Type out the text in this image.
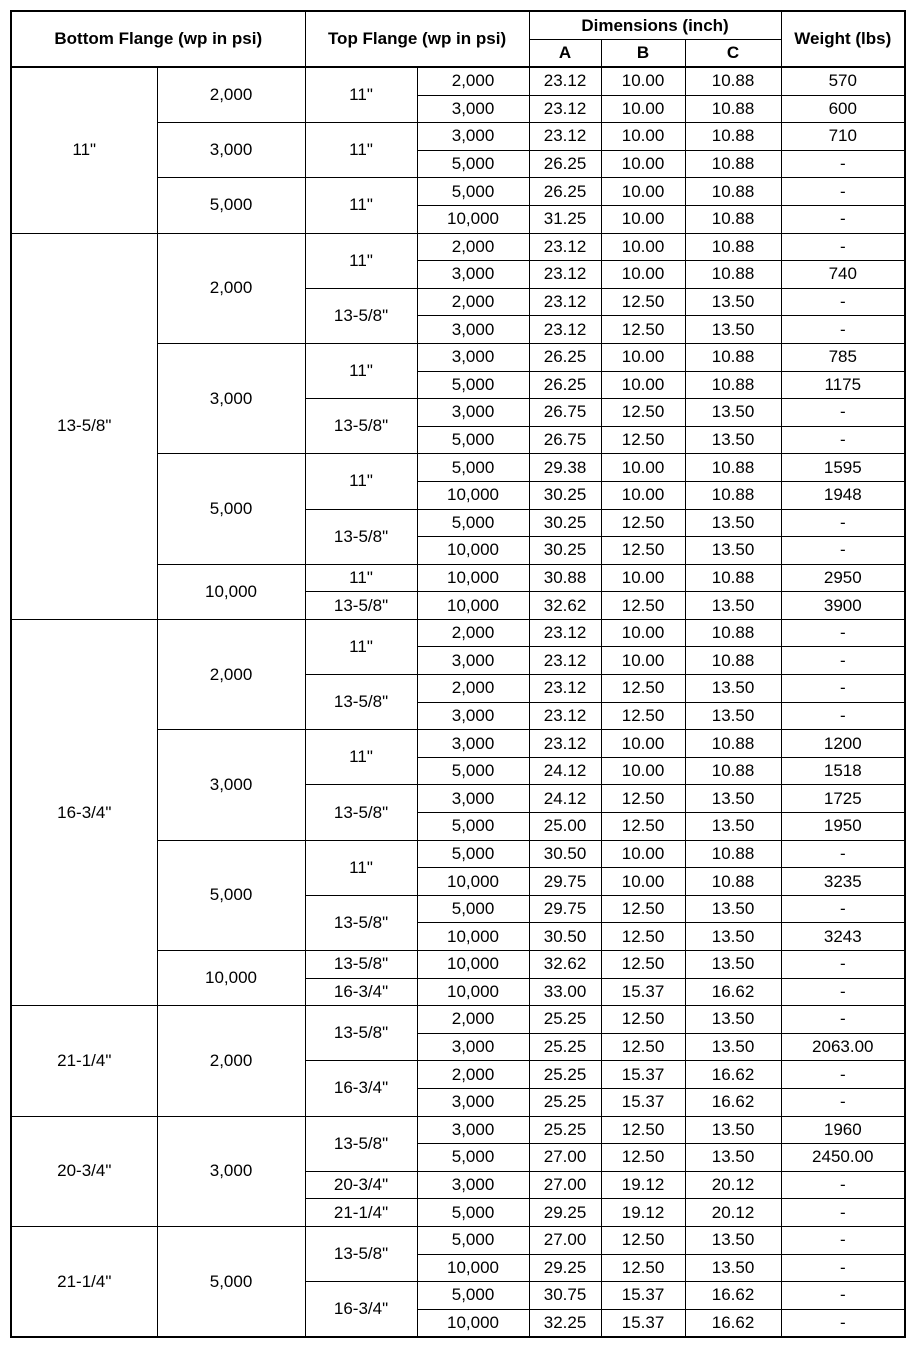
Bottom Flange (wp in psi)		Top Flange (wp in psi)		Dimensions (inch)			Weight (lbs)
				A	B	C	
11"	2,000	11"	2,000	23.12	10.00	10.88	570
			3,000	23.12	10.00	10.88	600
	3,000	11"	3,000	23.12	10.00	10.88	710
			5,000	26.25	10.00	10.88	-
	5,000	11"	5,000	26.25	10.00	10.88	-
			10,000	31.25	10.00	10.88	-
13-5/8"	2,000	11"	2,000	23.12	10.00	10.88	-
			3,000	23.12	10.00	10.88	740
		13-5/8"	2,000	23.12	12.50	13.50	-
			3,000	23.12	12.50	13.50	-
	3,000	11"	3,000	26.25	10.00	10.88	785
			5,000	26.25	10.00	10.88	1175
		13-5/8"	3,000	26.75	12.50	13.50	-
			5,000	26.75	12.50	13.50	-
	5,000	11"	5,000	29.38	10.00	10.88	1595
			10,000	30.25	10.00	10.88	1948
		13-5/8"	5,000	30.25	12.50	13.50	-
			10,000	30.25	12.50	13.50	-
	10,000	11"	10,000	30.88	10.00	10.88	2950
		13-5/8"	10,000	32.62	12.50	13.50	3900
16-3/4"	2,000	11"	2,000	23.12	10.00	10.88	-
			3,000	23.12	10.00	10.88	-
		13-5/8"	2,000	23.12	12.50	13.50	-
			3,000	23.12	12.50	13.50	-
	3,000	11"	3,000	23.12	10.00	10.88	1200
			5,000	24.12	10.00	10.88	1518
		13-5/8"	3,000	24.12	12.50	13.50	1725
			5,000	25.00	12.50	13.50	1950
	5,000	11"	5,000	30.50	10.00	10.88	-
			10,000	29.75	10.00	10.88	3235
		13-5/8"	5,000	29.75	12.50	13.50	-
			10,000	30.50	12.50	13.50	3243
	10,000	13-5/8"	10,000	32.62	12.50	13.50	-
		16-3/4"	10,000	33.00	15.37	16.62	-
21-1/4"	2,000	13-5/8"	2,000	25.25	12.50	13.50	-
			3,000	25.25	12.50	13.50	2063.00
		16-3/4"	2,000	25.25	15.37	16.62	-
			3,000	25.25	15.37	16.62	-
20-3/4"	3,000	13-5/8"	3,000	25.25	12.50	13.50	1960
			5,000	27.00	12.50	13.50	2450.00
		20-3/4"	3,000	27.00	19.12	20.12	-
		21-1/4"	5,000	29.25	19.12	20.12	-
21-1/4"	5,000	13-5/8"	5,000	27.00	12.50	13.50	-
			10,000	29.25	12.50	13.50	-
		16-3/4"	5,000	30.75	15.37	16.62	-
			10,000	32.25	15.37	16.62	-
